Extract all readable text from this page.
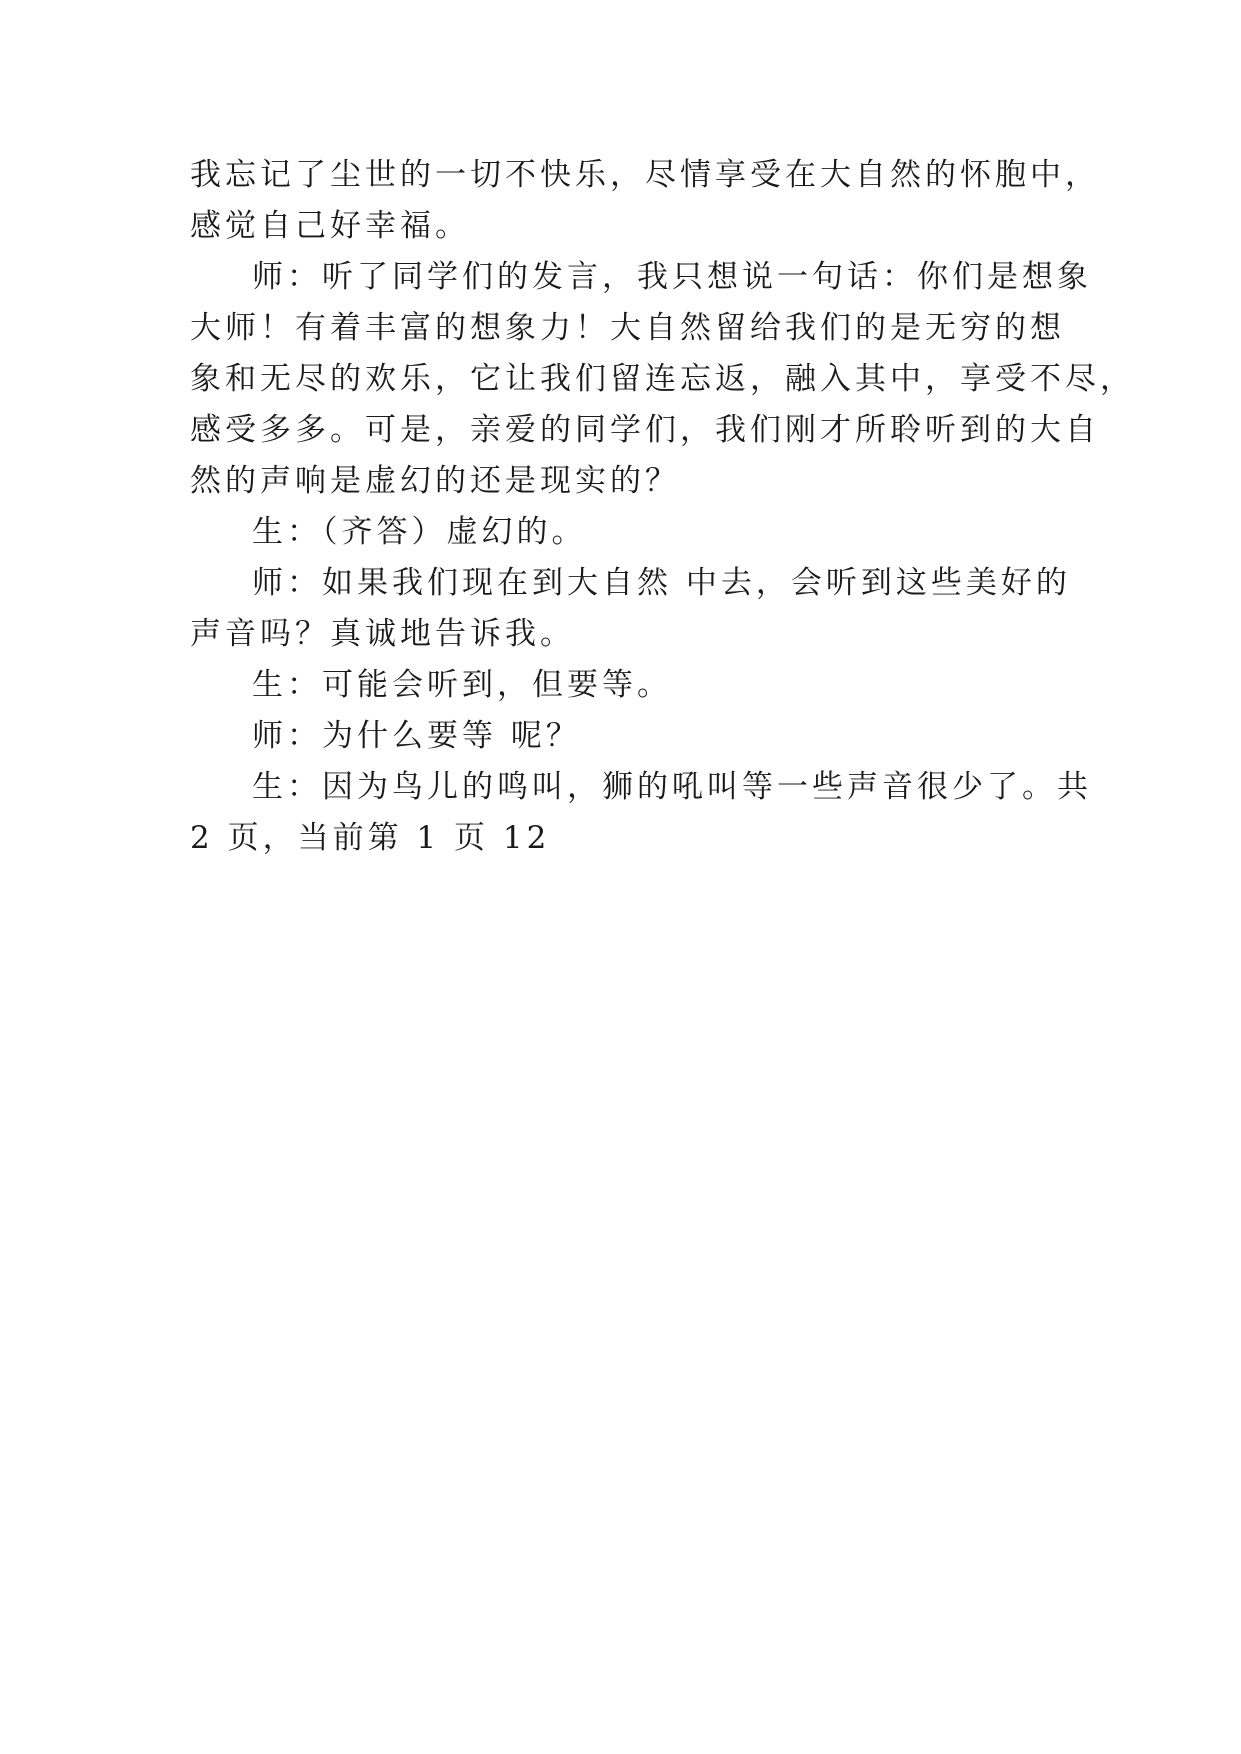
我忘记了尘世的一切不快乐，尽情享受在大自然的怀胞中，
感觉自己好幸福。
师：听了同学们的发言，我只想说一句话：你们是想象
大师！有着丰富的想象力！大自然留给我们的是无穷的想
象和无尽的欢乐，它让我们留连忘返，融入其中，享受不尽，
感受多多。可是，亲爱的同学们，我们刚才所聆听到的大自
然的声响是虚幻的还是现实的？
生：（齐答）虚幻的。
师：如果我们现在到大自然 中去，会听到这些美好的
声音吗？真诚地告诉我。
生：可能会听到，但要等。
师：为什么要等 呢？
生：因为鸟儿的鸣叫，狮的吼叫等一些声音很少了。共
2 页，当前第 1 页 12
